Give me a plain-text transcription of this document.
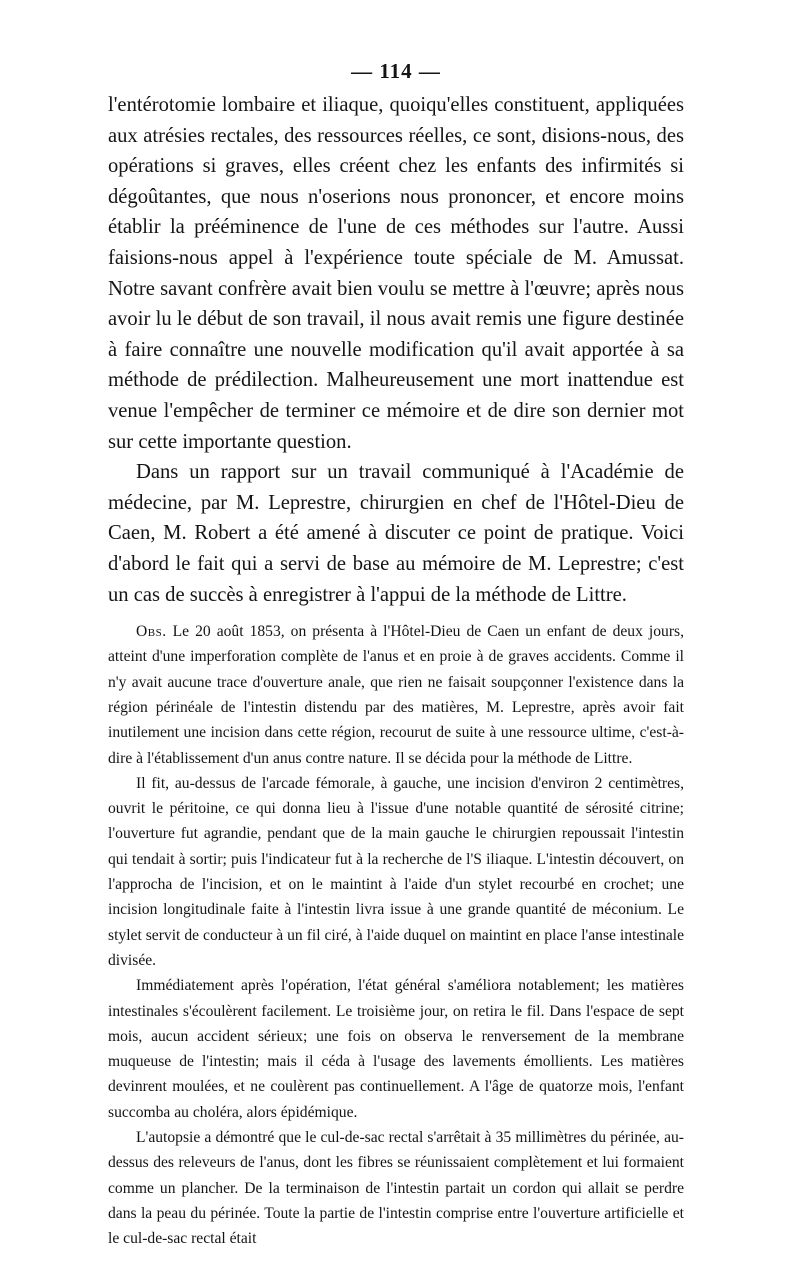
— 114 —

l'entérotomie lombaire et iliaque, quoiqu'elles constituent, appliquées aux atrésies rectales, des ressources réelles, ce sont, disions-nous, des opérations si graves, elles créent chez les enfants des infirmités si dégoûtantes, que nous n'oserions nous prononcer, et encore moins établir la prééminence de l'une de ces méthodes sur l'autre. Aussi faisions-nous appel à l'expérience toute spéciale de M. Amussat. Notre savant confrère avait bien voulu se mettre à l'œuvre; après nous avoir lu le début de son travail, il nous avait remis une figure destinée à faire connaître une nouvelle modification qu'il avait apportée à sa méthode de prédilection. Malheureusement une mort inattendue est venue l'empêcher de terminer ce mémoire et de dire son dernier mot sur cette importante question.

Dans un rapport sur un travail communiqué à l'Académie de médecine, par M. Leprestre, chirurgien en chef de l'Hôtel-Dieu de Caen, M. Robert a été amené à discuter ce point de pratique. Voici d'abord le fait qui a servi de base au mémoire de M. Leprestre; c'est un cas de succès à enregistrer à l'appui de la méthode de Littre.

Obs. Le 20 août 1853, on présenta à l'Hôtel-Dieu de Caen un enfant de deux jours, atteint d'une imperforation complète de l'anus et en proie à de graves accidents. Comme il n'y avait aucune trace d'ouverture anale, que rien ne faisait soupçonner l'existence dans la région périnéale de l'intestin distendu par des matières, M. Leprestre, après avoir fait inutilement une incision dans cette région, recourut de suite à une ressource ultime, c'est-à-dire à l'établissement d'un anus contre nature. Il se décida pour la méthode de Littre.

Il fit, au-dessus de l'arcade fémorale, à gauche, une incision d'environ 2 centimètres, ouvrit le péritoine, ce qui donna lieu à l'issue d'une notable quantité de sérosité citrine; l'ouverture fut agrandie, pendant que de la main gauche le chirurgien repoussait l'intestin qui tendait à sortir; puis l'indicateur fut à la recherche de l'S iliaque. L'intestin découvert, on l'approcha de l'incision, et on le maintint à l'aide d'un stylet recourbé en crochet; une incision longitudinale faite à l'intestin livra issue à une grande quantité de méconium. Le stylet servit de conducteur à un fil ciré, à l'aide duquel on maintint en place l'anse intestinale divisée.

Immédiatement après l'opération, l'état général s'améliora notablement; les matières intestinales s'écoulèrent facilement. Le troisième jour, on retira le fil. Dans l'espace de sept mois, aucun accident sérieux; une fois on observa le renversement de la membrane muqueuse de l'intestin; mais il céda à l'usage des lavements émollients. Les matières devinrent moulées, et ne coulèrent pas continuellement. A l'âge de quatorze mois, l'enfant succomba au choléra, alors épidémique.

L'autopsie a démontré que le cul-de-sac rectal s'arrêtait à 35 millimètres du périnée, au-dessus des releveurs de l'anus, dont les fibres se réunissaient complètement et lui formaient comme un plancher. De la terminaison de l'intestin partait un cordon qui allait se perdre dans la peau du périnée. Toute la partie de l'intestin comprise entre l'ouverture artificielle et le cul-de-sac rectal était
